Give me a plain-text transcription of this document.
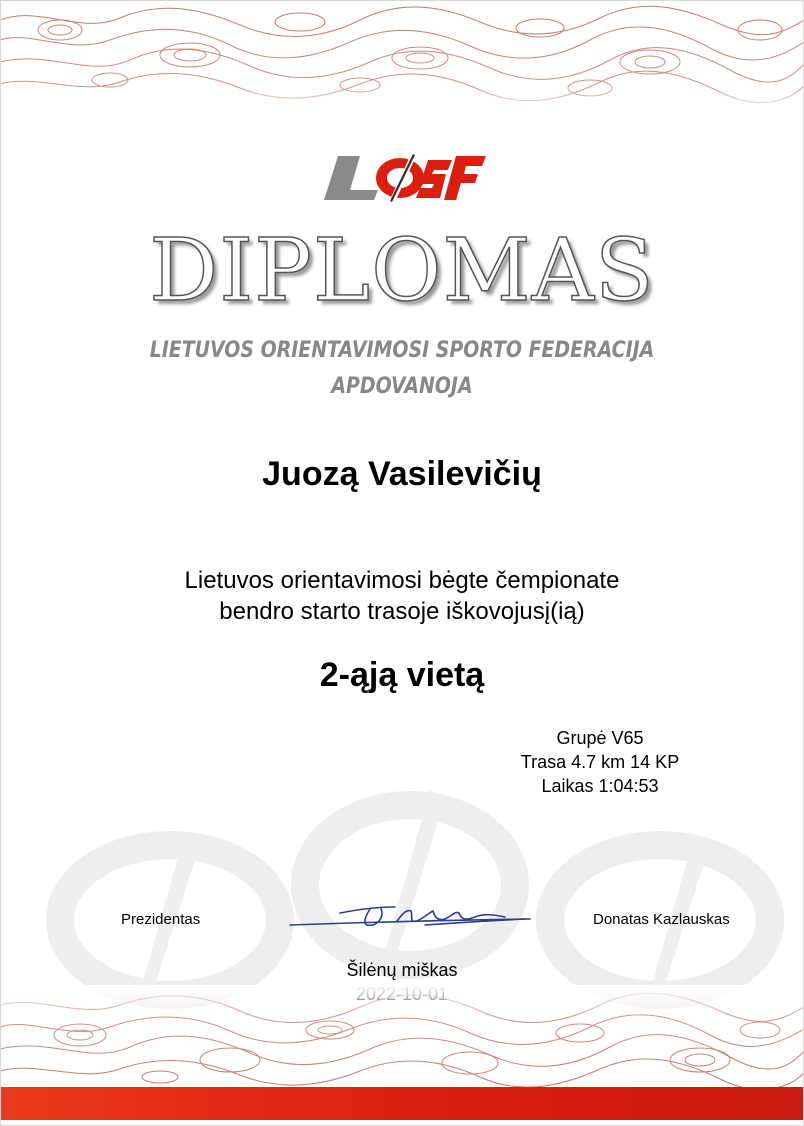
DIPLOMAS
LIETUVOS ORIENTAVIMOSI SPORTO FEDERACIJA
APDOVANOJA
Juozą Vasilevičių
Lietuvos orientavimosi bėgte čempionate
bendro starto trasoje iškovojusį(ią)
2-ąją vietą
Grupė V65
Trasa 4.7 km 14 KP
Laikas 1:04:53
Prezidentas	Donatas Kazlauskas
Šilėnų miškas
